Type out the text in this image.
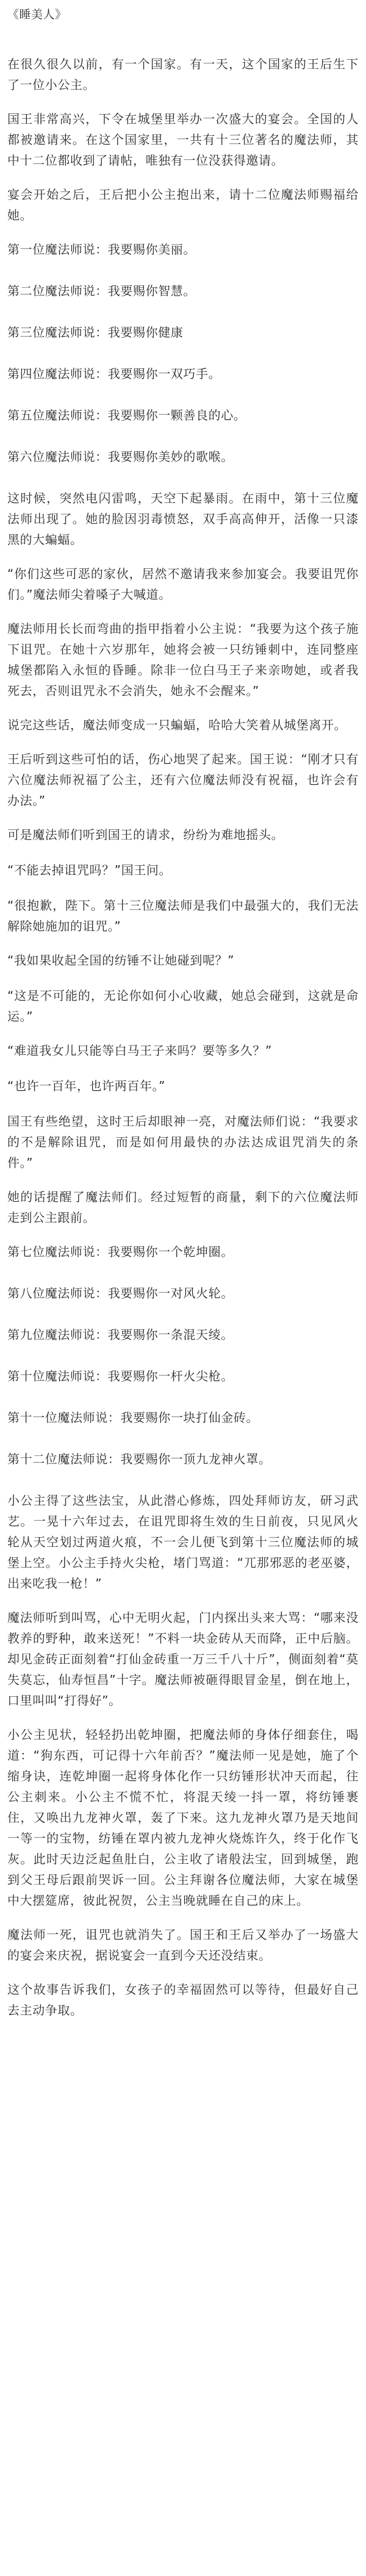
《睡美人》

在很久很久以前，有一个国家。有一天，这个国家的王后生下了一位小公主。

国王非常高兴，下令在城堡里举办一次盛大的宴会。全国的人都被邀请来。在这个国家里，一共有十三位著名的魔法师，其中十二位都收到了请帖，唯独有一位没获得邀请。

宴会开始之后，王后把小公主抱出来，请十二位魔法师赐福给她。

第一位魔法师说：我要赐你美丽。

第二位魔法师说：我要赐你智慧。

第三位魔法师说：我要赐你健康

第四位魔法师说：我要赐你一双巧手。

第五位魔法师说：我要赐你一颗善良的心。

第六位魔法师说：我要赐你美妙的歌喉。

这时候，突然电闪雷鸣，天空下起暴雨。在雨中，第十三位魔法师出现了。她的脸因羽毒愤怒，双手高高伸开，活像一只漆黑的大蝙蝠。

“你们这些可恶的家伙，居然不邀请我来参加宴会。我要诅咒你们。”魔法师尖着嗓子大喊道。

魔法师用长长而弯曲的指甲指着小公主说：“我要为这个孩子施下诅咒。在她十六岁那年，她将会被一只纺锤刺中，连同整座城堡都陷入永恒的昏睡。除非一位白马王子来亲吻她，或者我死去，否则诅咒永不会消失，她永不会醒来。”

说完这些话，魔法师变成一只蝙蝠，哈哈大笑着从城堡离开。

王后听到这些可怕的话，伤心地哭了起来。国王说：“刚才只有六位魔法师祝福了公主，还有六位魔法师没有祝福，也许会有办法。”

可是魔法师们听到国王的请求，纷纷为难地摇头。

“不能去掉诅咒吗？”国王问。

“很抱歉，陛下。第十三位魔法师是我们中最强大的，我们无法解除她施加的诅咒。”

“我如果收起全国的纺锤不让她碰到呢？”

“这是不可能的，无论你如何小心收藏，她总会碰到，这就是命运。”

“难道我女儿只能等白马王子来吗？要等多久？”

“也许一百年，也许两百年。”

国王有些绝望，这时王后却眼神一亮，对魔法师们说：“我要求的不是解除诅咒，而是如何用最快的办法达成诅咒消失的条件。”

她的话提醒了魔法师们。经过短暂的商量，剩下的六位魔法师走到公主跟前。

第七位魔法师说：我要赐你一个乾坤圈。

第八位魔法师说：我要赐你一对风火轮。

第九位魔法师说：我要赐你一条混天绫。

第十位魔法师说：我要赐你一杆火尖枪。

第十一位魔法师说：我要赐你一块打仙金砖。

第十二位魔法师说：我要赐你一顶九龙神火罩。

小公主得了这些法宝，从此潜心修炼，四处拜师访友，研习武艺。一晃十六年过去，在诅咒即将生效的生日前夜，只见风火轮从天空划过两道火痕，不一会儿便飞到第十三位魔法师的城堡上空。小公主手持火尖枪，堵门骂道：“兀那邪恶的老巫婆，出来吃我一枪！”

魔法师听到叫骂，心中无明火起，门内探出头来大骂：“哪来没教养的野种，敢来送死！”不料一块金砖从天而降，正中后脑。却见金砖正面刻着“打仙金砖重一万三千八十斤”，侧面刻着“莫失莫忘，仙寿恒昌”十字。魔法师被砸得眼冒金星，倒在地上，口里叫叫“打得好”。

小公主见状，轻轻扔出乾坤圈，把魔法师的身体仔细套住，喝道：“狗东西，可记得十六年前否？”魔法师一见是她，施了个缩身诀，连乾坤圈一起将身体化作一只纺锤形状冲天而起，往公主刺来。小公主不慌不忙，将混天绫一抖一罩，将纺锤裹住，又唤出九龙神火罩，轰了下来。这九龙神火罩乃是天地间一等一的宝物，纺锤在罩内被九龙神火烧炼许久，终于化作飞灰。此时天边泛起鱼肚白，公主收了诸般法宝，回到城堡，跑到父王母后跟前哭诉一回。公主拜谢各位魔法师，大家在城堡中大摆筵席，彼此祝贺，公主当晚就睡在自己的床上。

魔法师一死，诅咒也就消失了。国王和王后又举办了一场盛大的宴会来庆祝，据说宴会一直到今天还没结束。

这个故事告诉我们，女孩子的幸福固然可以等待，但最好自己去主动争取。
